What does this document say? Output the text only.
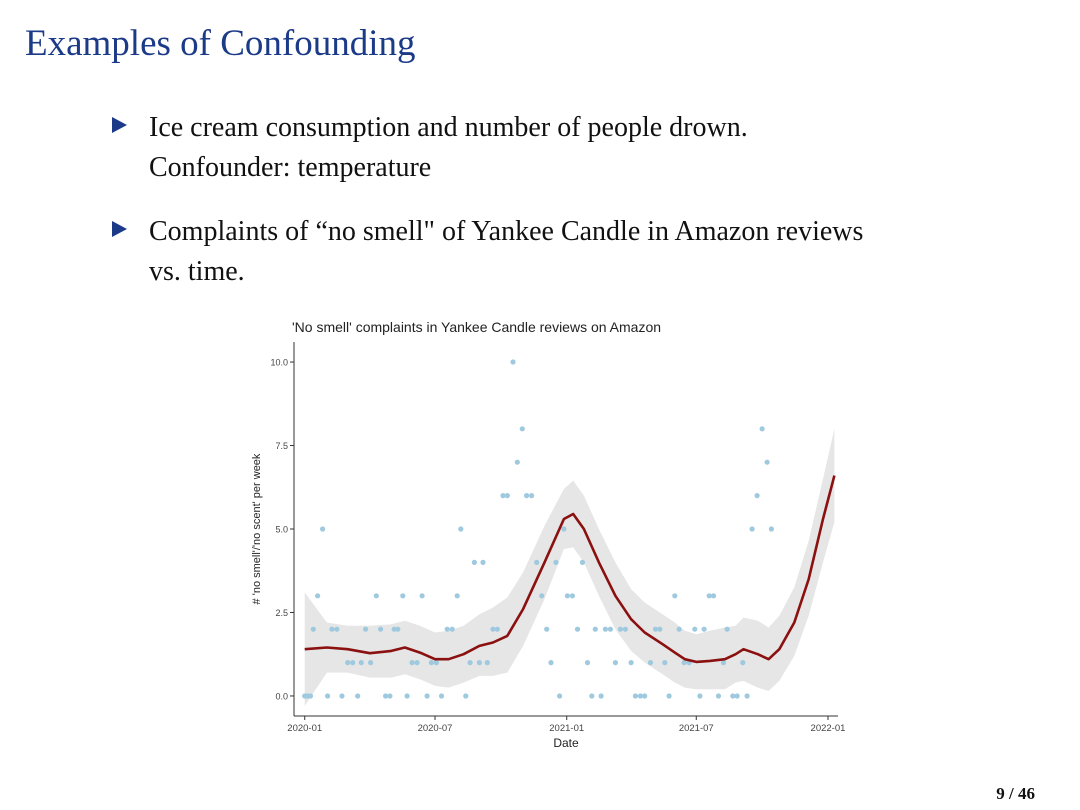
Examples of Confounding
Ice cream consumption and number of people drown.
Confounder: temperature
Complaints of “no smell" of Yankee Candle in Amazon reviews
vs. time.
'No smell' complaints in Yankee Candle reviews on Amazon
0.0
2.5
5.0
7.5
10.0
2020-01	2020-07	2021-01	2021-07	2022-01
Date
# 'no smell'/'no scent' per week
9 / 46
